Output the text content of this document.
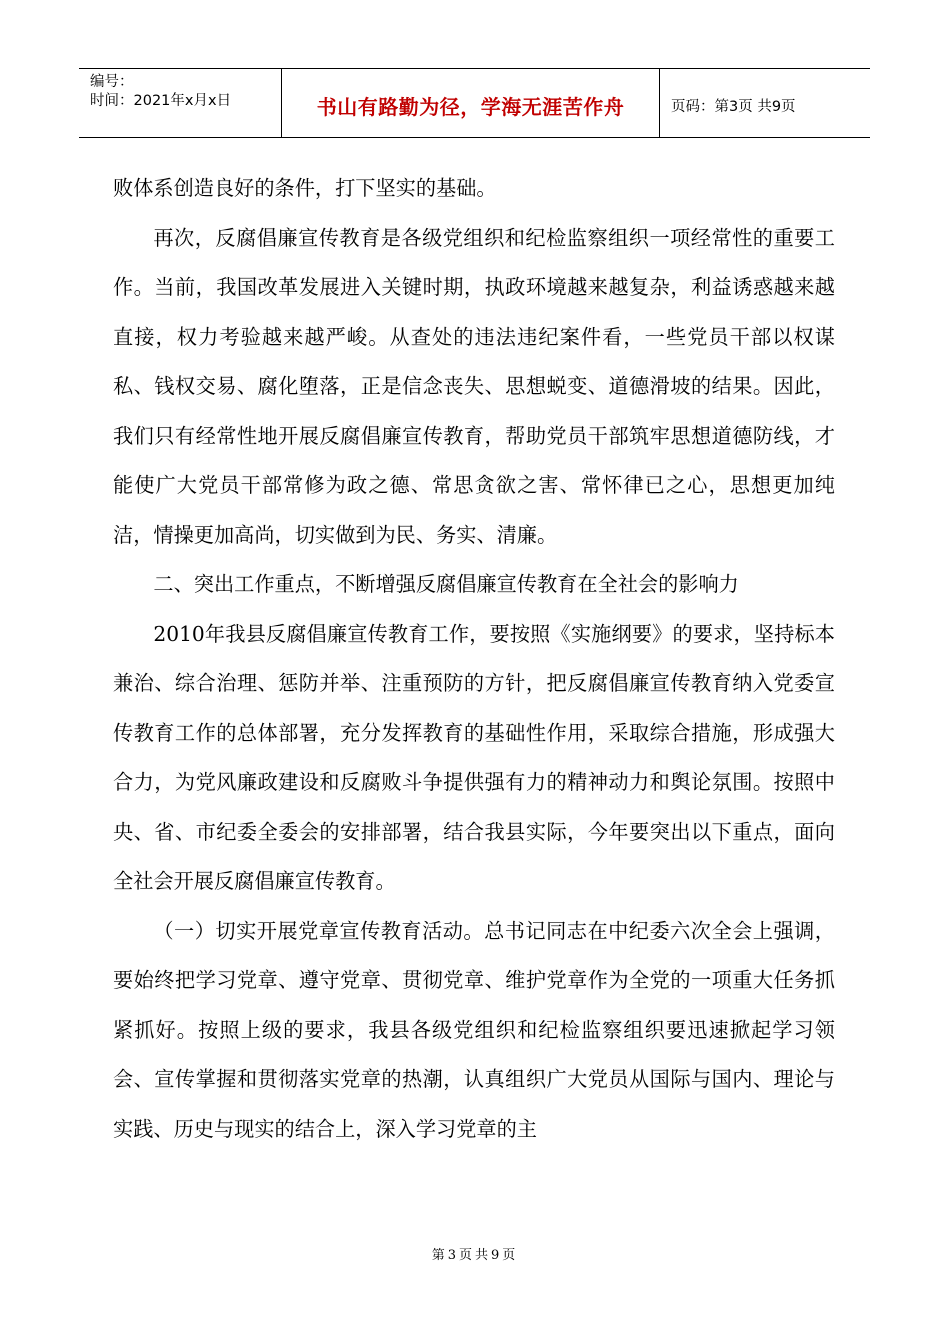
编号：
时间：2021年x月x日	书山有路勤为径，学海无涯苦作舟	页码：第3页 共9页

败体系创造良好的条件，打下坚实的基础。

再次，反腐倡廉宣传教育是各级党组织和纪检监察组织一项经常性的重要工作。当前，我国改革发展进入关键时期，执政环境越来越复杂，利益诱惑越来越直接，权力考验越来越严峻。从查处的违法违纪案件看，一些党员干部以权谋私、钱权交易、腐化堕落，正是信念丧失、思想蜕变、道德滑坡的结果。因此，我们只有经常性地开展反腐倡廉宣传教育，帮助党员干部筑牢思想道德防线，才能使广大党员干部常修为政之德、常思贪欲之害、常怀律已之心，思想更加纯洁，情操更加高尚，切实做到为民、务实、清廉。

二、突出工作重点，不断增强反腐倡廉宣传教育在全社会的影响力

2010年我县反腐倡廉宣传教育工作，要按照《实施纲要》的要求，坚持标本兼治、综合治理、惩防并举、注重预防的方针，把反腐倡廉宣传教育纳入党委宣传教育工作的总体部署，充分发挥教育的基础性作用，采取综合措施，形成强大合力，为党风廉政建设和反腐败斗争提供强有力的精神动力和舆论氛围。按照中央、省、市纪委全委会的安排部署，结合我县实际，今年要突出以下重点，面向全社会开展反腐倡廉宣传教育。

（一）切实开展党章宣传教育活动。总书记同志在中纪委六次全会上强调，要始终把学习党章、遵守党章、贯彻党章、维护党章作为全党的一项重大任务抓紧抓好。按照上级的要求，我县各级党组织和纪检监察组织要迅速掀起学习领会、宣传掌握和贯彻落实党章的热潮，认真组织广大党员从国际与国内、理论与实践、历史与现实的结合上，深入学习党章的主

第3页共9页
